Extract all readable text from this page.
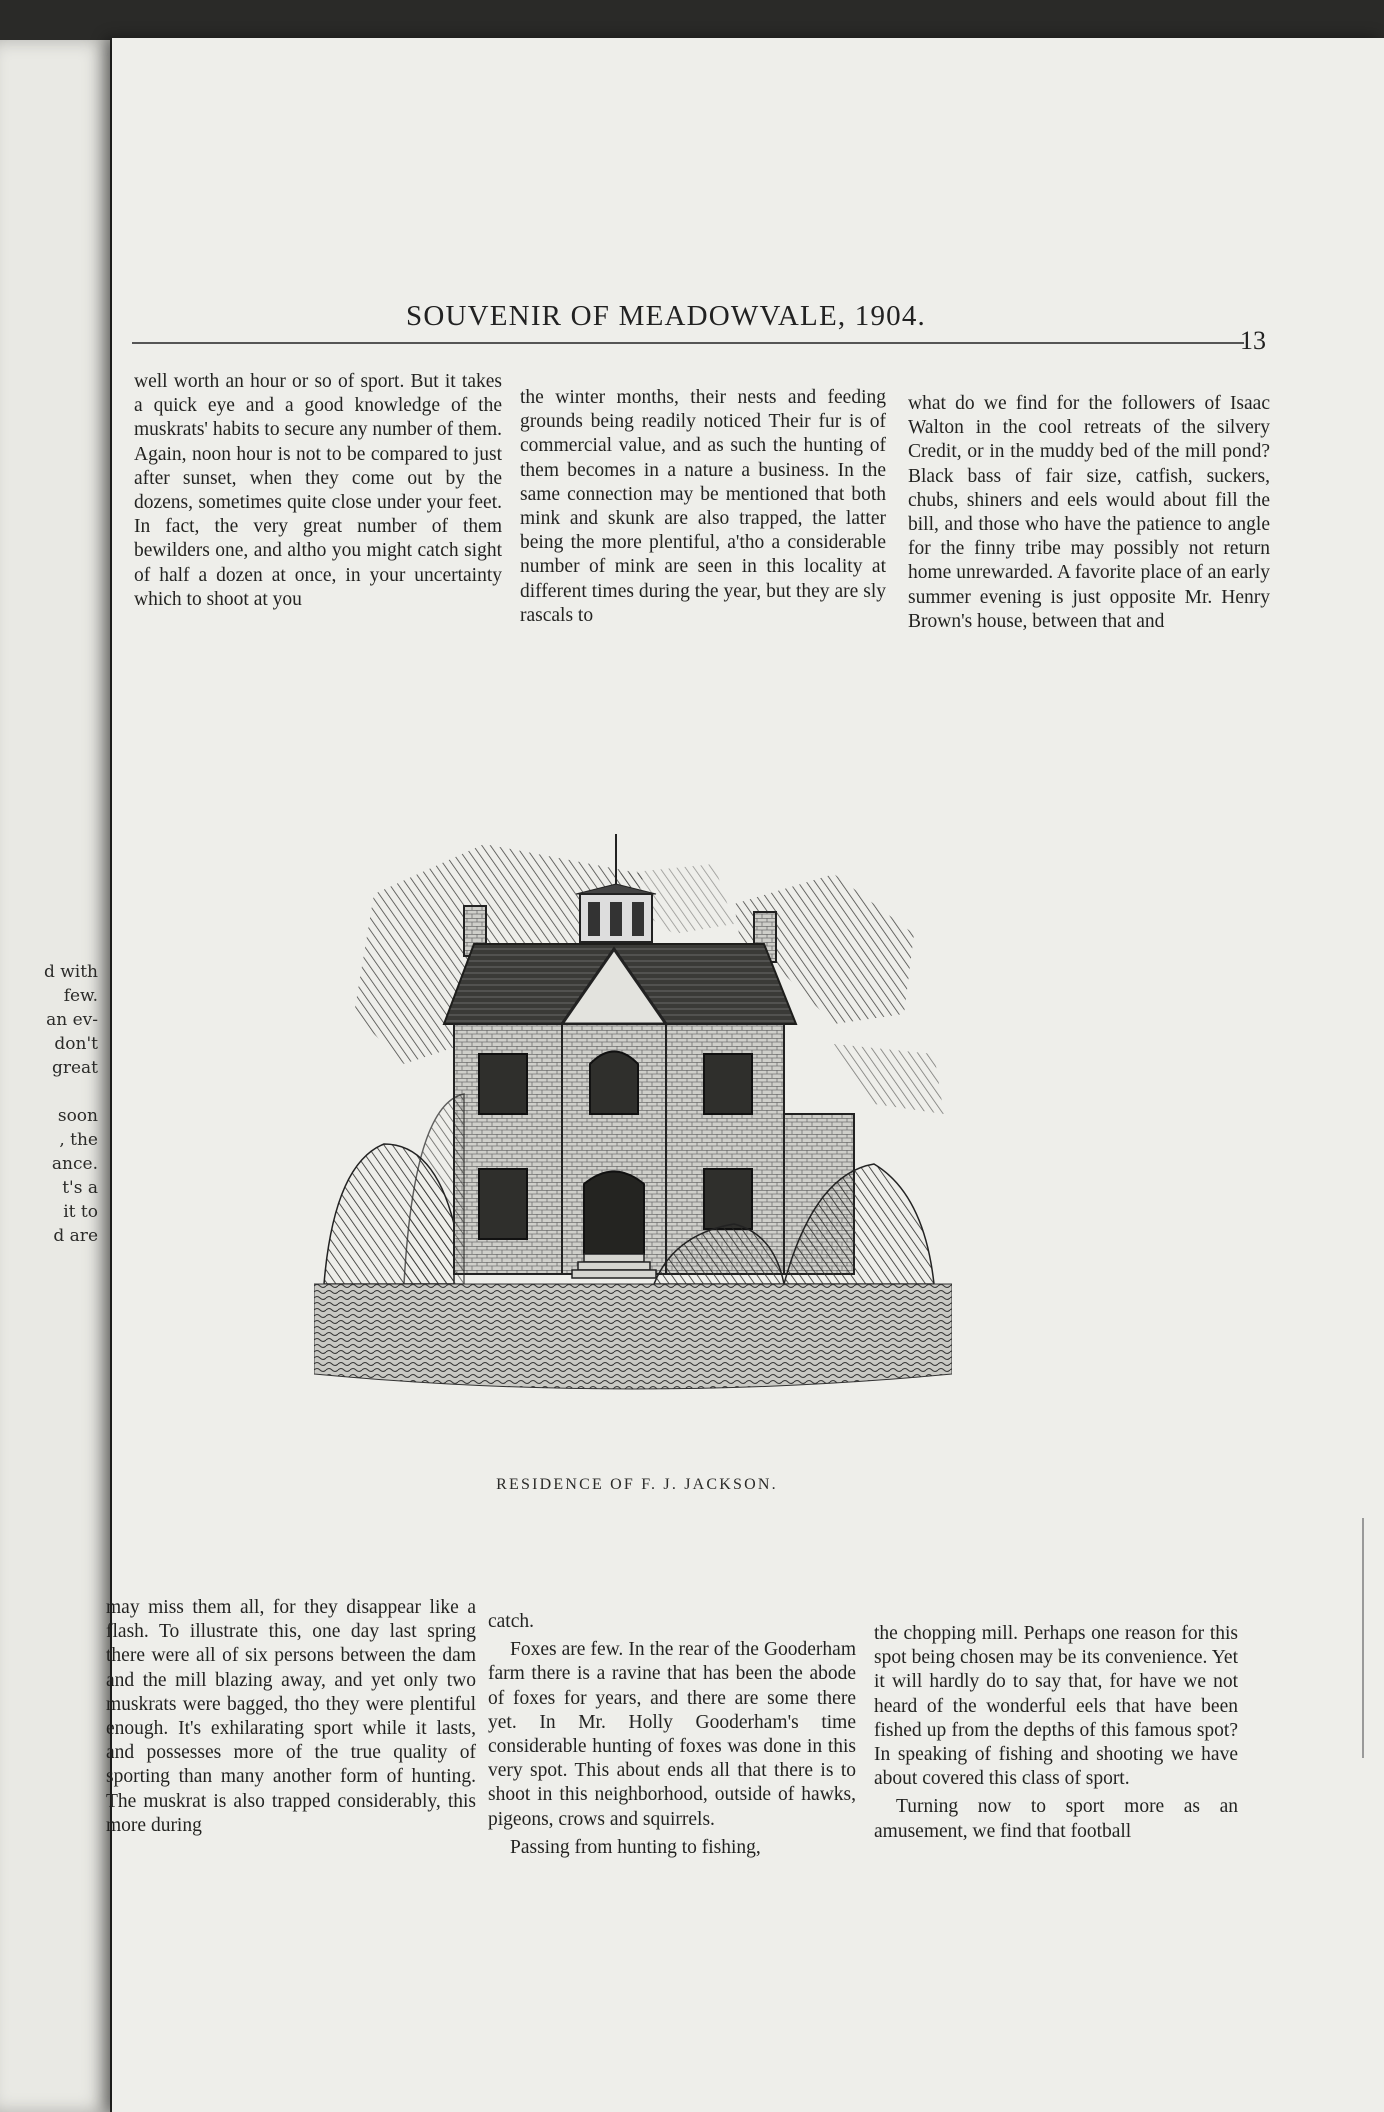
d with
few.
an ev-
don't
great
soon
, the
ance.
t's a
it to
d are
SOUVENIR OF MEADOWVALE, 1904.
13

well worth an hour or so of sport. But it takes a quick eye and a good knowledge of the muskrats' habits to secure any number of them. Again, noon hour is not to be compared to just after sunset, when they come out by the dozens, sometimes quite close under your feet. In fact, the very great number of them bewilders one, and altho you might catch sight of half a dozen at once, in your uncertainty which to shoot at you

the winter months, their nests and feeding grounds being readily noticed Their fur is of commercial value, and as such the hunting of them becomes in a nature a business. In the same connection may be mentioned that both mink and skunk are also trapped, the latter being the more plentiful, a'tho a considerable number of mink are seen in this locality at different times during the year, but they are sly rascals to

what do we find for the followers of Isaac Walton in the cool retreats of the silvery Credit, or in the muddy bed of the mill pond? Black bass of fair size, catfish, suckers, chubs, shiners and eels would about fill the bill, and those who have the patience to angle for the finny tribe may possibly not return home unrewarded. A favorite place of an early summer evening is just opposite Mr. Henry Brown's house, between that and

RESIDENCE OF F. J. JACKSON.

may miss them all, for they disappear like a flash. To illustrate this, one day last spring there were all of six persons between the dam and the mill blazing away, and yet only two muskrats were bagged, tho they were plentiful enough. It's exhilarating sport while it lasts, and possesses more of the true quality of sporting than many another form of hunting. The muskrat is also trapped considerably, this more during

catch.

Foxes are few. In the rear of the Gooderham farm there is a ravine that has been the abode of foxes for years, and there are some there yet. In Mr. Holly Gooderham's time considerable hunting of foxes was done in this very spot. This about ends all that there is to shoot in this neighborhood, outside of hawks, pigeons, crows and squirrels.

Passing from hunting to fishing,

the chopping mill. Perhaps one reason for this spot being chosen may be its convenience. Yet it will hardly do to say that, for have we not heard of the wonderful eels that have been fished up from the depths of this famous spot? In speaking of fishing and shooting we have about covered this class of sport.

Turning now to sport more as an amusement, we find that football
